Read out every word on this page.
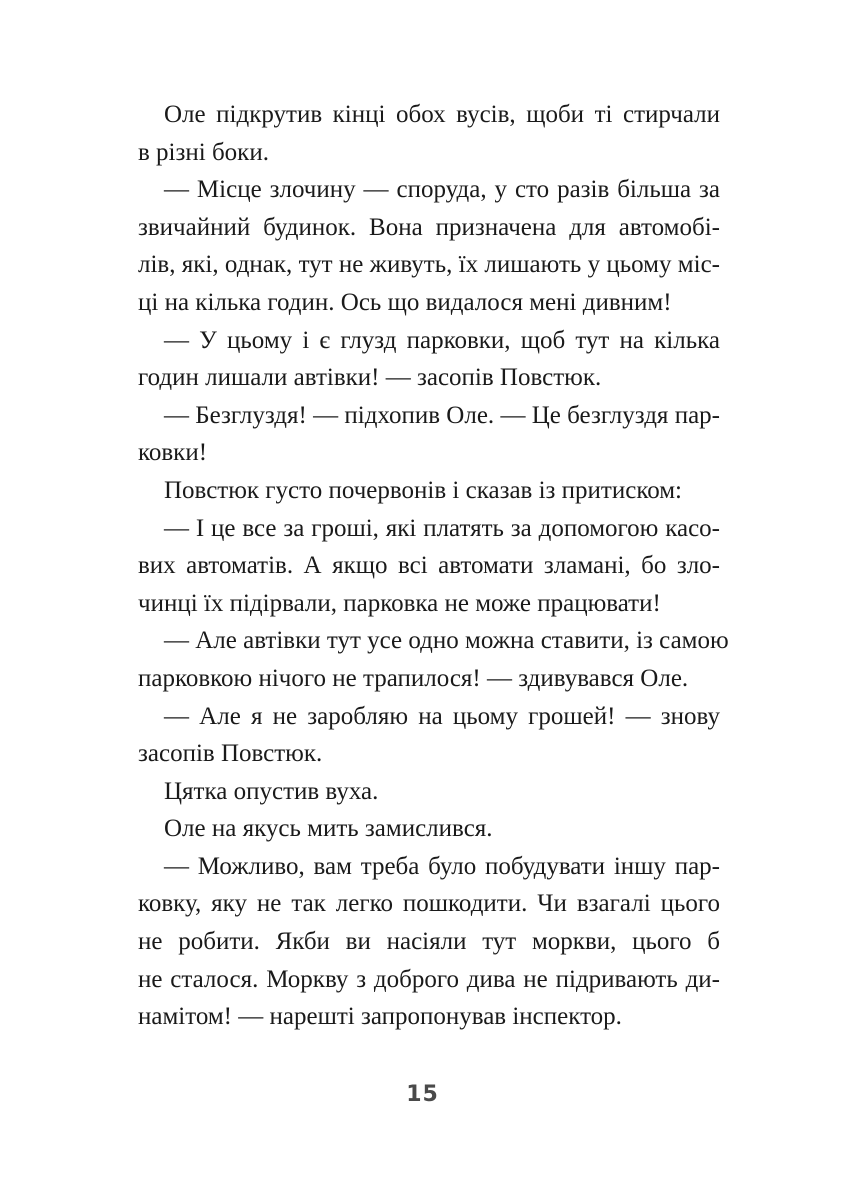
Оле підкрутив кінці обох вусів, щоби ті стирчали
в різні боки.

— Місце злочину — споруда, у сто разів більша за
звичайний будинок. Вона призначена для автомобі-
лів, які, однак, тут не живуть, їх лишають у цьому міс-
ці на кілька годин. Ось що видалося мені дивним!

— У цьому і є глузд парковки, щоб тут на кілька
годин лишали автівки! — засопів Повстюк.

— Безглуздя! — підхопив Оле. — Це безглуздя пар-
ковки!

Повстюк густо почервонів і сказав із притиском:

— І це все за гроші, які платять за допомогою касо-
вих автоматів. А якщо всі автомати зламані, бо зло-
чинці їх підірвали, парковка не може працювати!

— Але автівки тут усе одно можна ставити, із самою
парковкою нічого не трапилося! — здивувався Оле.

— Але я не заробляю на цьому грошей! — знову
засопів Повстюк.

Цятка опустив вуха.

Оле на якусь мить замислився.

— Можливо, вам треба було побудувати іншу пар-
ковку, яку не так легко пошкодити. Чи взагалі цього
не робити. Якби ви насіяли тут моркви, цього б
не сталося. Моркву з доброго дива не підривають ди-
намітом! — нарешті запропонував інспектор.

15
